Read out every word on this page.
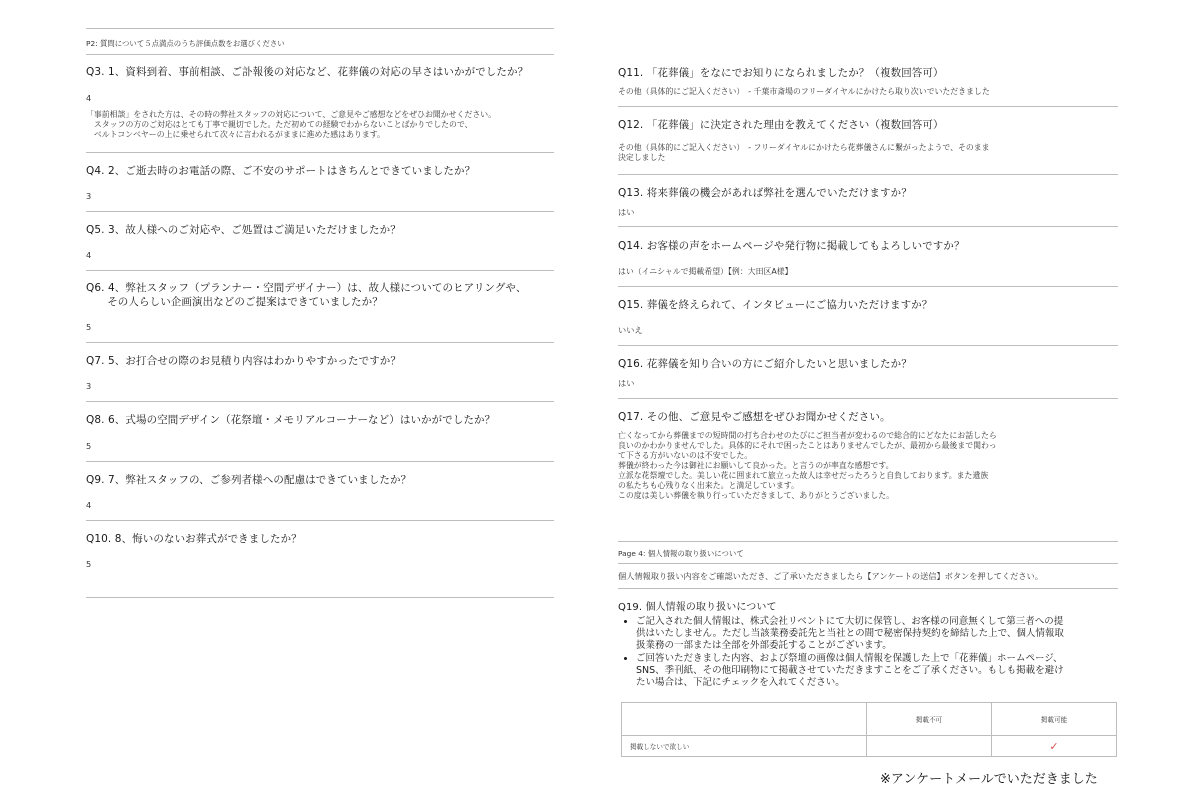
P2: 質問について５点満点のうち評価点数をお選びください
Q3. 1、資料到着、事前相談、ご訃報後の対応など、花葬儀の対応の早さはいかがでしたか？
4
「事前相談」をされた方は、その時の弊社スタッフの対応について、ご意見やご感想などをぜひお聞かせください。
　スタッフの方のご対応はとても丁寧で親切でした。ただ初めての経験でわからないことばかりでしたので、
　ベルトコンベヤーの上に乗せられて次々に言われるがままに進めた感はあります。
Q4. 2、ご逝去時のお電話の際、ご不安のサポートはきちんとできていましたか？
3
Q5. 3、故人様へのご対応や、ご処置はご満足いただけましたか？
4
Q6. 4、弊社スタッフ（プランナー・空間デザイナー）は、故人様についてのヒアリングや、
　　その人らしい企画演出などのご提案はできていましたか？
5
Q7. 5、お打合せの際のお見積り内容はわかりやすかったですか？
3
Q8. 6、式場の空間デザイン（花祭壇・メモリアルコーナーなど）はいかがでしたか？
5
Q9. 7、弊社スタッフの、ご参列者様への配慮はできていましたか？
4
Q10. 8、悔いのないお葬式ができましたか？
5
Q11. 「花葬儀」をなにでお知りになられましたか？（複数回答可）
その他（具体的にご記入ください）　- 千葉市斎場のフリーダイヤルにかけたら取り次いでいただきました
Q12. 「花葬儀」に決定された理由を教えてください（複数回答可）
その他（具体的にご記入ください）　- フリーダイヤルにかけたら花葬儀さんに繋がったようで、そのまま
決定しました
Q13. 将来葬儀の機会があれば弊社を選んでいただけますか？
はい
Q14. お客様の声をホームページや発行物に掲載してもよろしいですか？
はい（イニシャルで掲載希望）【例：大田区A様】
Q15. 葬儀を終えられて、インタビューにご協力いただけますか？
いいえ
Q16. 花葬儀を知り合いの方にご紹介したいと思いましたか？
はい
Q17. その他、ご意見やご感想をぜひお聞かせください。
亡くなってから葬儀までの短時間の打ち合わせのたびにご担当者が変わるので総合的にどなたにお話したら
良いのかわかりませんでした。具体的にそれで困ったことはありませんでしたが、最初から最後まで関わっ
て下さる方がいないのは不安でした。
葬儀が終わった今は御社にお願いして良かった。と言うのが率直な感想です。
立派な花祭壇でした。美しい花に囲まれて旅立った故人は幸せだったろうと自負しております。また遺族
の私たちも心残りなく出来た。と満足しています。
この度は美しい葬儀を執り行っていただきまして、ありがとうございました。
Page 4: 個人情報の取り扱いについて
個人情報取り扱い内容をご確認いただき、ご了承いただきましたら【アンケートの送信】ボタンを押してください。
Q19. 個人情報の取り扱いについて
• ご記入された個人情報は、株式会社リベントにて大切に保管し、お客様の同意無くして第三者への提
供はいたしません。ただし当該業務委託先と当社との間で秘密保持契約を締結した上で、個人情報取
扱業務の一部または全部を外部委託することがございます。
• ご回答いただきました内容、および祭壇の画像は個人情報を保護した上で「花葬儀」ホームページ、
SNS、季刊紙、その他印刷物にて掲載させていただきますことをご了承ください。もしも掲載を避け
たい場合は、下記にチェックを入れてください。
	掲載不可	掲載可能
掲載しないで欲しい		✓
※アンケートメールでいただきました
